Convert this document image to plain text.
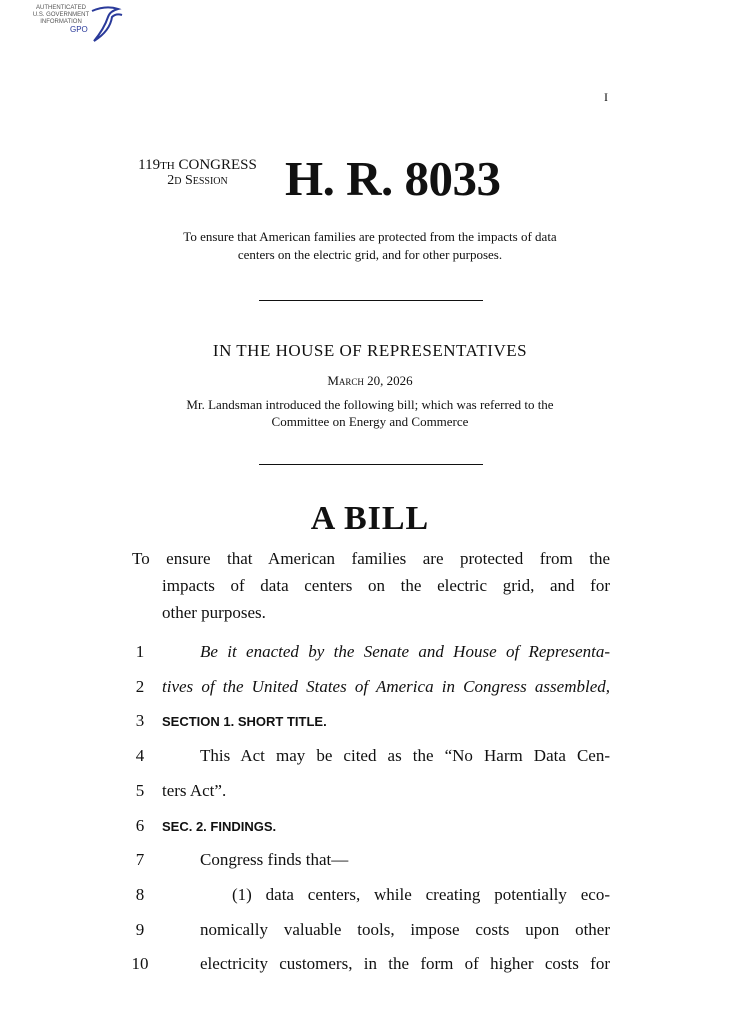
AUTHENTICATED
U.S. GOVERNMENT
INFORMATION
GPO
I
119th CONGRESS
2d Session	H. R. 8033
To ensure that American families are protected from the impacts of data
centers on the electric grid, and for other purposes.
IN THE HOUSE OF REPRESENTATIVES
March 20, 2026
Mr. Landsman introduced the following bill; which was referred to the
Committee on Energy and Commerce
A BILL
To ensure that American families are protected from the
impacts of data centers on the electric grid, and for
other purposes.
1	Be it enacted by the Senate and House of Representa-
2	tives of the United States of America in Congress assembled,
3	SECTION 1. SHORT TITLE.
4	This Act may be cited as the “No Harm Data Cen-
5	ters Act”.
6	SEC. 2. FINDINGS.
7	Congress finds that—
8	(1) data centers, while creating potentially eco-
9	nomically valuable tools, impose costs upon other
10	electricity customers, in the form of higher costs for
